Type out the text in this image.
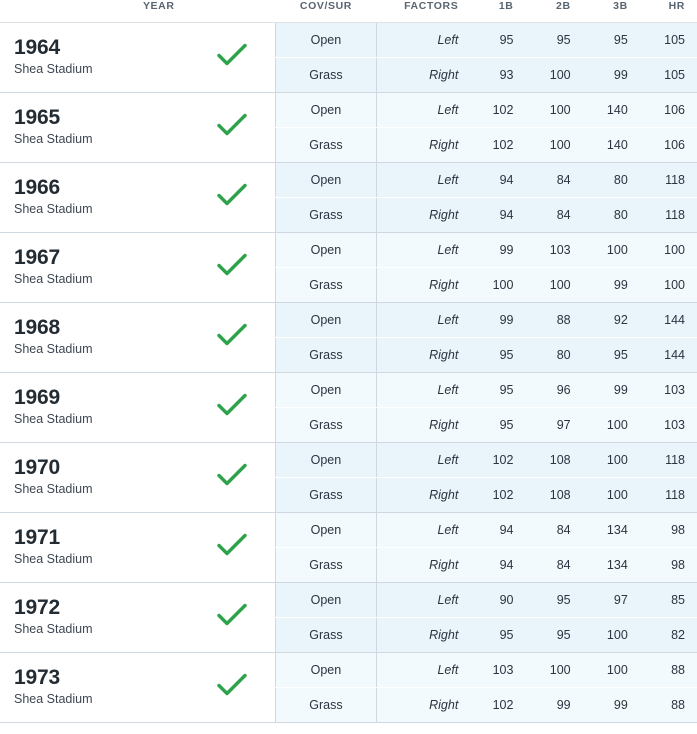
YEAR		COV/SUR	FACTORS	1B	2B	3B	HR

1964
Shea Stadium		Open	Left	95	95	95	105
		Grass	Right	93	100	99	105

1965
Shea Stadium		Open	Left	102	100	140	106
		Grass	Right	102	100	140	106

1966
Shea Stadium		Open	Left	94	84	80	118
		Grass	Right	94	84	80	118

1967
Shea Stadium		Open	Left	99	103	100	100
		Grass	Right	100	100	99	100

1968
Shea Stadium		Open	Left	99	88	92	144
		Grass	Right	95	80	95	144

1969
Shea Stadium		Open	Left	95	96	99	103
		Grass	Right	95	97	100	103

1970
Shea Stadium		Open	Left	102	108	100	118
		Grass	Right	102	108	100	118

1971
Shea Stadium		Open	Left	94	84	134	98
		Grass	Right	94	84	134	98

1972
Shea Stadium		Open	Left	90	95	97	85
		Grass	Right	95	95	100	82

1973
Shea Stadium		Open	Left	103	100	100	88
		Grass	Right	102	99	99	88
